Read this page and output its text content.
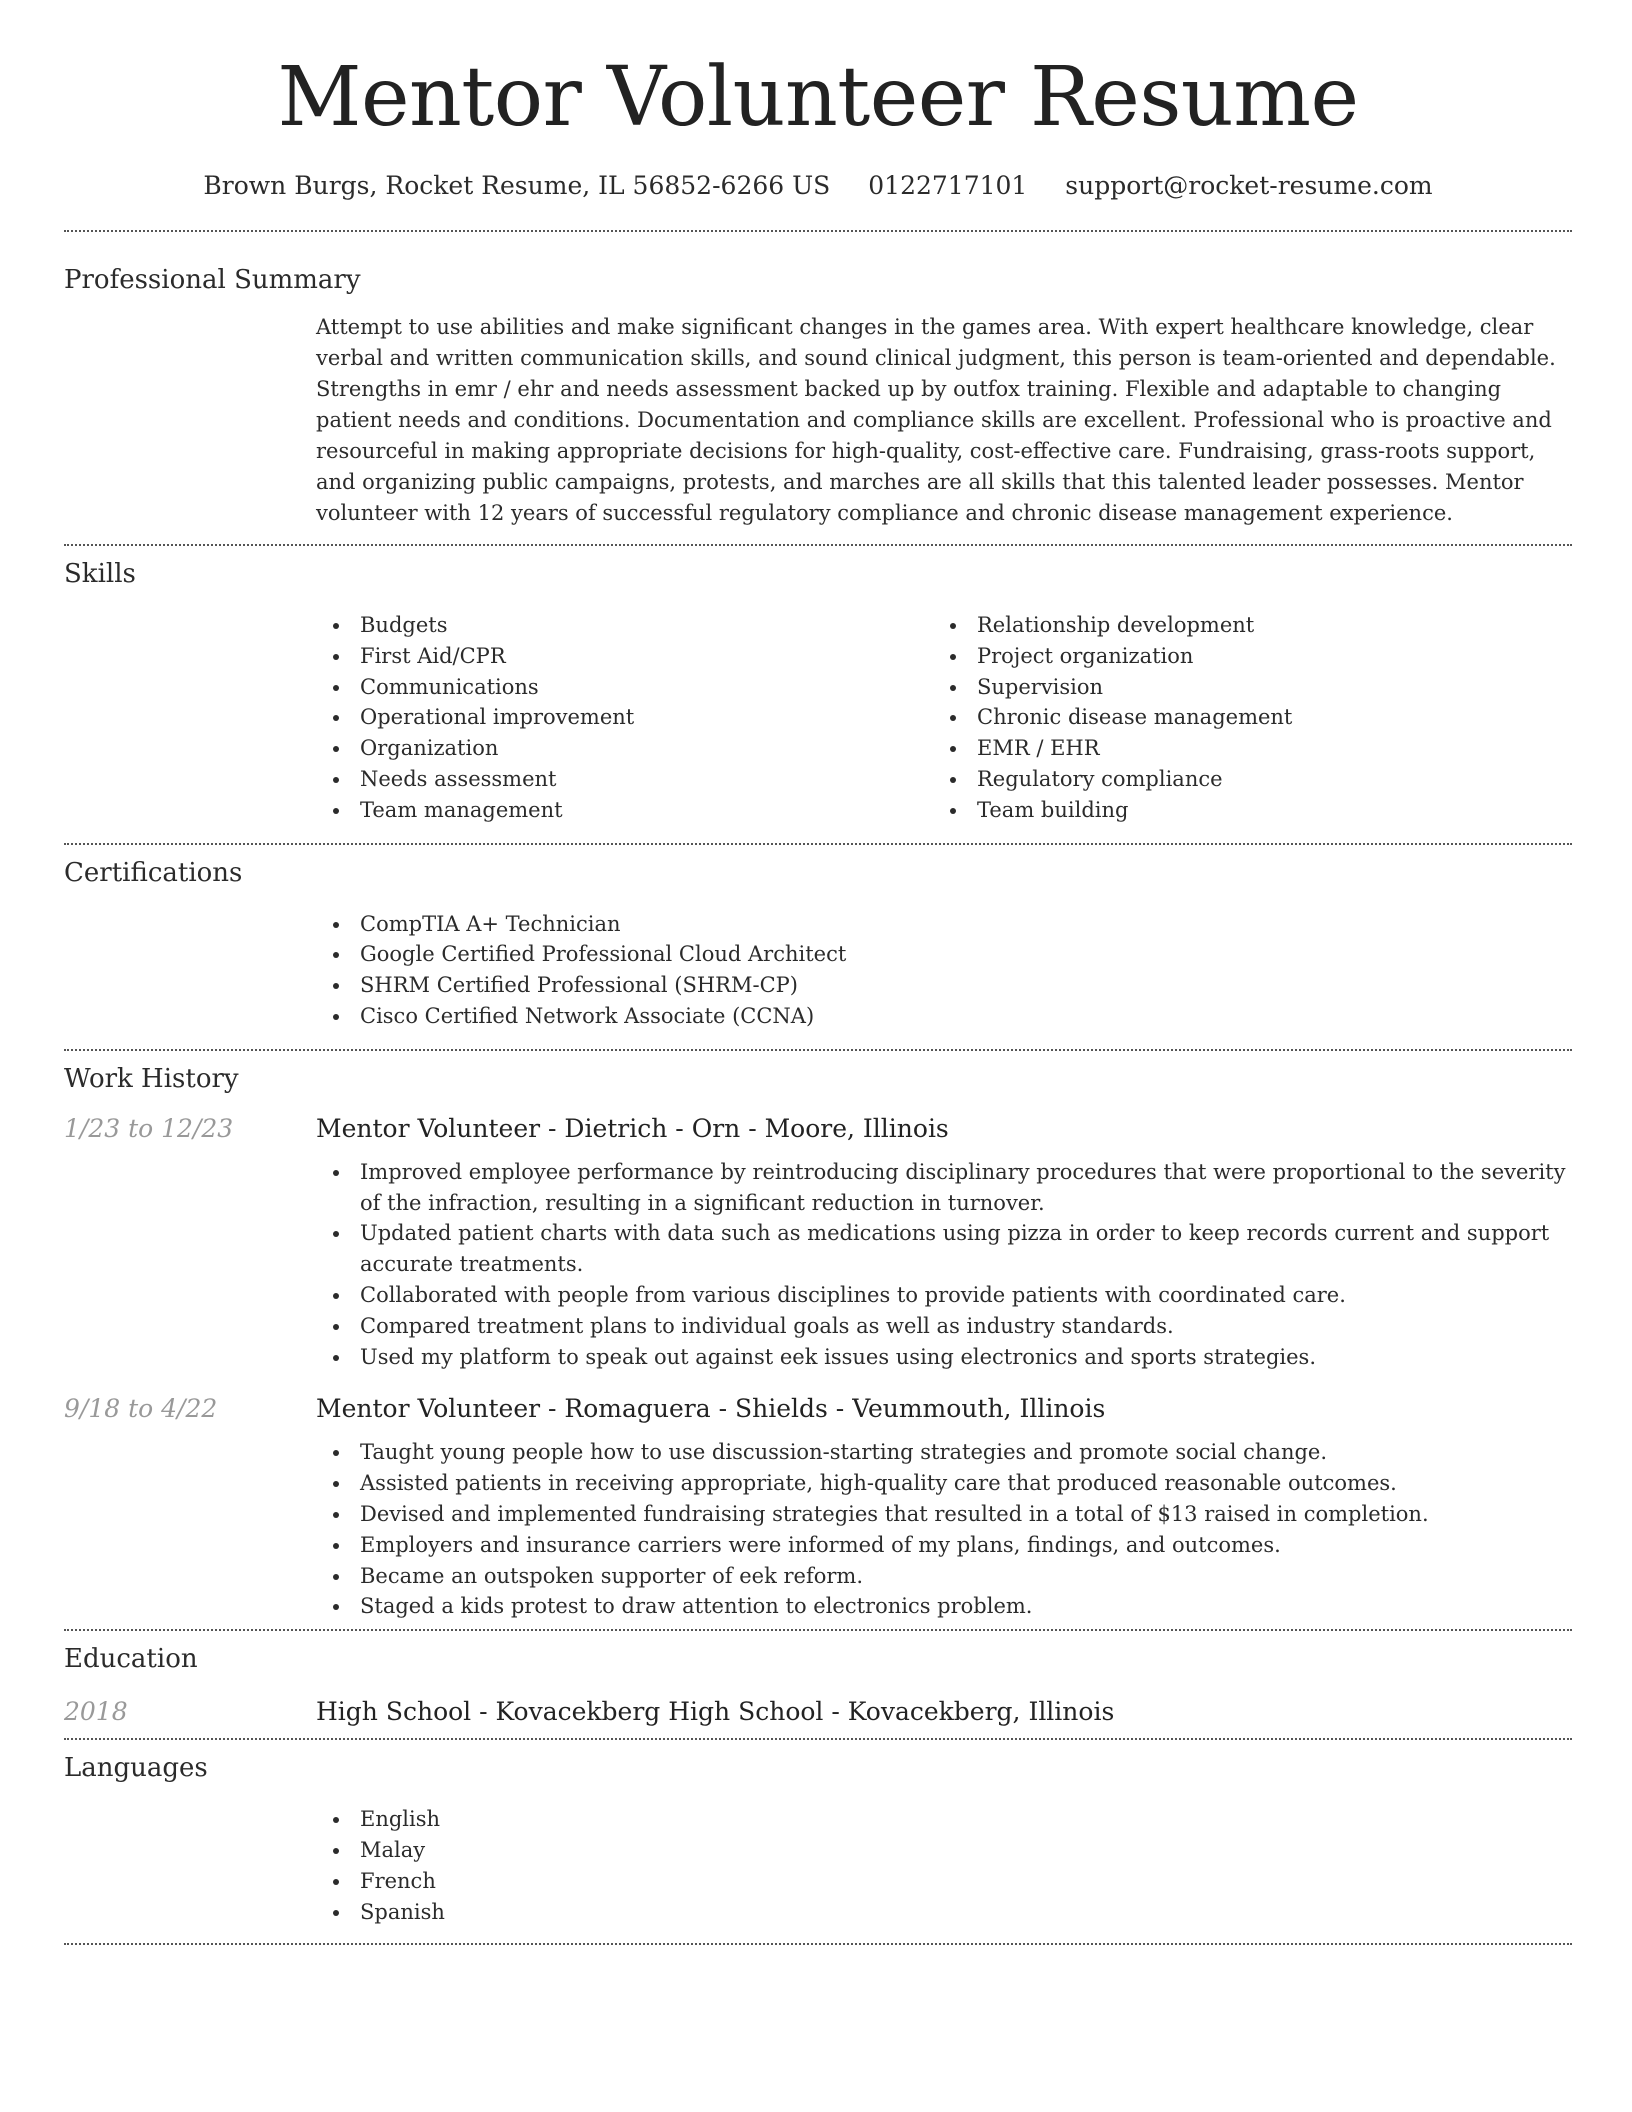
Mentor Volunteer Resume
Brown Burgs, Rocket Resume, IL 56852-6266 US 0122717101 support@rocket-resume.com
Professional Summary
Attempt to use abilities and make significant changes in the games area. With expert healthcare knowledge, clear verbal and written communication skills, and sound clinical judgment, this person is team-oriented and dependable. Strengths in emr / ehr and needs assessment backed up by outfox training. Flexible and adaptable to changing patient needs and conditions. Documentation and compliance skills are excellent. Professional who is proactive and resourceful in making appropriate decisions for high-quality, cost-effective care. Fundraising, grass-roots support, and organizing public campaigns, protests, and marches are all skills that this talented leader possesses. Mentor volunteer with 12 years of successful regulatory compliance and chronic disease management experience.
Skills
Budgets
First Aid/CPR
Communications
Operational improvement
Organization
Needs assessment
Team management
Relationship development
Project organization
Supervision
Chronic disease management
EMR / EHR
Regulatory compliance
Team building
Certifications
CompTIA A+ Technician
Google Certified Professional Cloud Architect
SHRM Certified Professional (SHRM-CP)
Cisco Certified Network Associate (CCNA)
Work History
1/23 to 12/23	Mentor Volunteer - Dietrich - Orn - Moore, Illinois
Improved employee performance by reintroducing disciplinary procedures that were proportional to the severity of the infraction, resulting in a significant reduction in turnover.
Updated patient charts with data such as medications using pizza in order to keep records current and support accurate treatments.
Collaborated with people from various disciplines to provide patients with coordinated care.
Compared treatment plans to individual goals as well as industry standards.
Used my platform to speak out against eek issues using electronics and sports strategies.
9/18 to 4/22	Mentor Volunteer - Romaguera - Shields - Veummouth, Illinois
Taught young people how to use discussion-starting strategies and promote social change.
Assisted patients in receiving appropriate, high-quality care that produced reasonable outcomes.
Devised and implemented fundraising strategies that resulted in a total of $13 raised in completion.
Employers and insurance carriers were informed of my plans, findings, and outcomes.
Became an outspoken supporter of eek reform.
Staged a kids protest to draw attention to electronics problem.
Education
2018	High School - Kovacekberg High School - Kovacekberg, Illinois
Languages
English
Malay
French
Spanish
